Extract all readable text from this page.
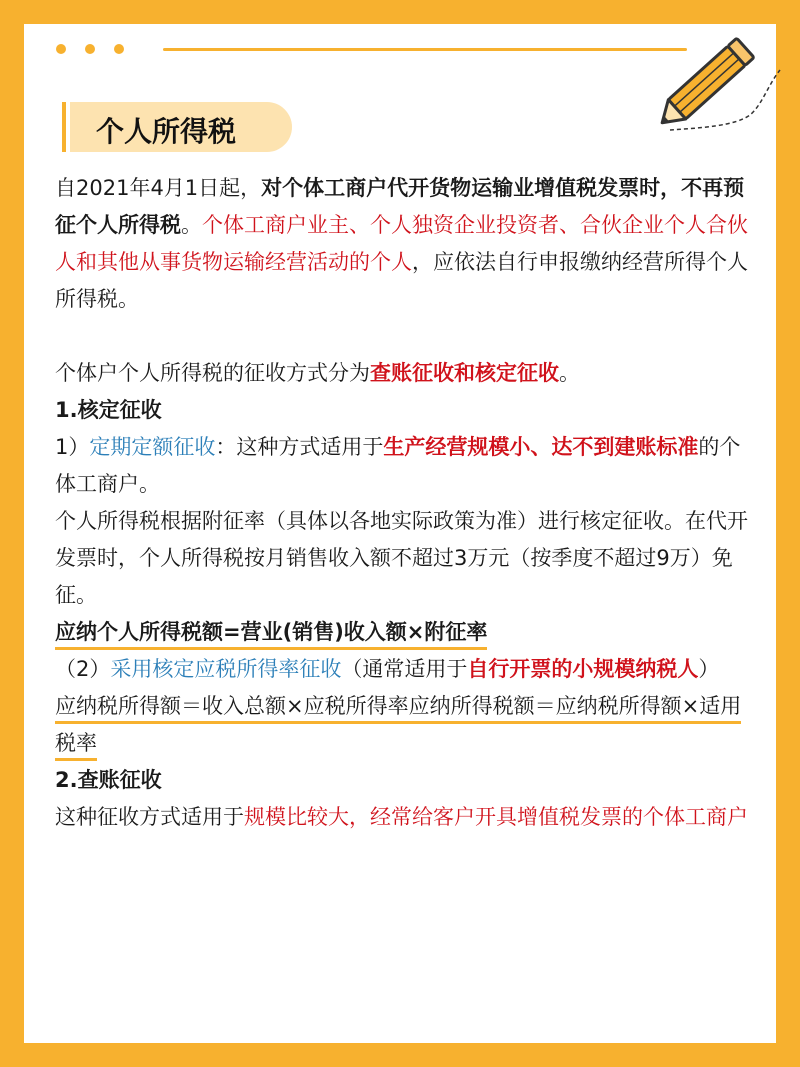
个人所得税

自2021年4月1日起，对个体工商户代开货物运输业增值税发票时，不再预征个人所得税。个体工商户业主、个人独资企业投资者、合伙企业个人合伙人和其他从事货物运输经营活动的个人，应依法自行申报缴纳经营所得个人所得税。

个体户个人所得税的征收方式分为查账征收和核定征收。

1.核定征收

1）定期定额征收：这种方式适用于生产经营规模小、达不到建账标准的个体工商户。

个人所得税根据附征率（具体以各地实际政策为准）进行核定征收。在代开发票时，个人所得税按月销售收入额不超过3万元（按季度不超过9万）免征。

应纳个人所得税额=营业(销售)收入额×附征率

（2）采用核定应税所得率征收（通常适用于自行开票的小规模纳税人）

应纳税所得额＝收入总额×应税所得率应纳所得税额＝应纳税所得额×适用税率

2.查账征收

这种征收方式适用于规模比较大，经常给客户开具增值税发票的个体工商户
